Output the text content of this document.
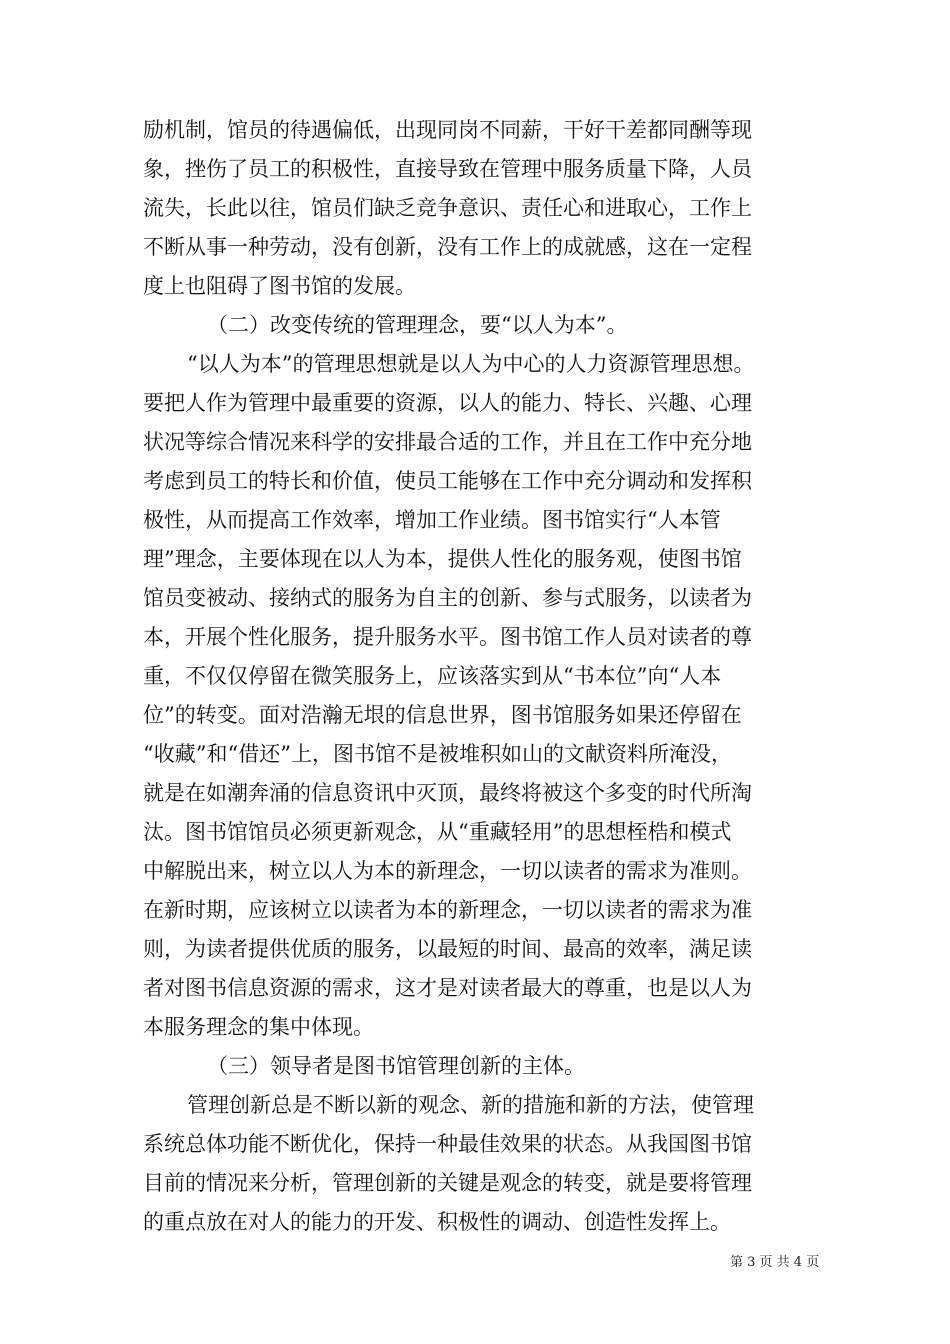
励机制，馆员的待遇偏低，出现同岗不同薪，干好干差都同酬等现

象，挫伤了员工的积极性，直接导致在管理中服务质量下降，人员

流失，长此以往，馆员们缺乏竞争意识、责任心和进取心，工作上

不断从事一种劳动，没有创新，没有工作上的成就感，这在一定程

度上也阻碍了图书馆的发展。

（二）改变传统的管理理念，要“以人为本”。

“以人为本”的管理思想就是以人为中心的人力资源管理思想。

要把人作为管理中最重要的资源，以人的能力、特长、兴趣、心理

状况等综合情况来科学的安排最合适的工作，并且在工作中充分地

考虑到员工的特长和价值，使员工能够在工作中充分调动和发挥积

极性，从而提高工作效率，增加工作业绩。图书馆实行“人本管

理”理念，主要体现在以人为本，提供人性化的服务观，使图书馆

馆员变被动、接纳式的服务为自主的创新、参与式服务，以读者为

本，开展个性化服务，提升服务水平。图书馆工作人员对读者的尊

重，不仅仅停留在微笑服务上，应该落实到从“书本位”向“人本

位”的转变。面对浩瀚无垠的信息世界，图书馆服务如果还停留在

“收藏”和“借还”上，图书馆不是被堆积如山的文献资料所淹没，

就是在如潮奔涌的信息资讯中灭顶，最终将被这个多变的时代所淘

汰。图书馆馆员必须更新观念，从“重藏轻用”的思想桎梏和模式

中解脱出来，树立以人为本的新理念，一切以读者的需求为准则。

在新时期，应该树立以读者为本的新理念，一切以读者的需求为准

则，为读者提供优质的服务，以最短的时间、最高的效率，满足读

者对图书信息资源的需求，这才是对读者最大的尊重，也是以人为

本服务理念的集中体现。

（三）领导者是图书馆管理创新的主体。

管理创新总是不断以新的观念、新的措施和新的方法，使管理

系统总体功能不断优化，保持一种最佳效果的状态。从我国图书馆

目前的情况来分析，管理创新的关键是观念的转变，就是要将管理

的重点放在对人的能力的开发、积极性的调动、创造性发挥上。

第 3 页 共 4 页
